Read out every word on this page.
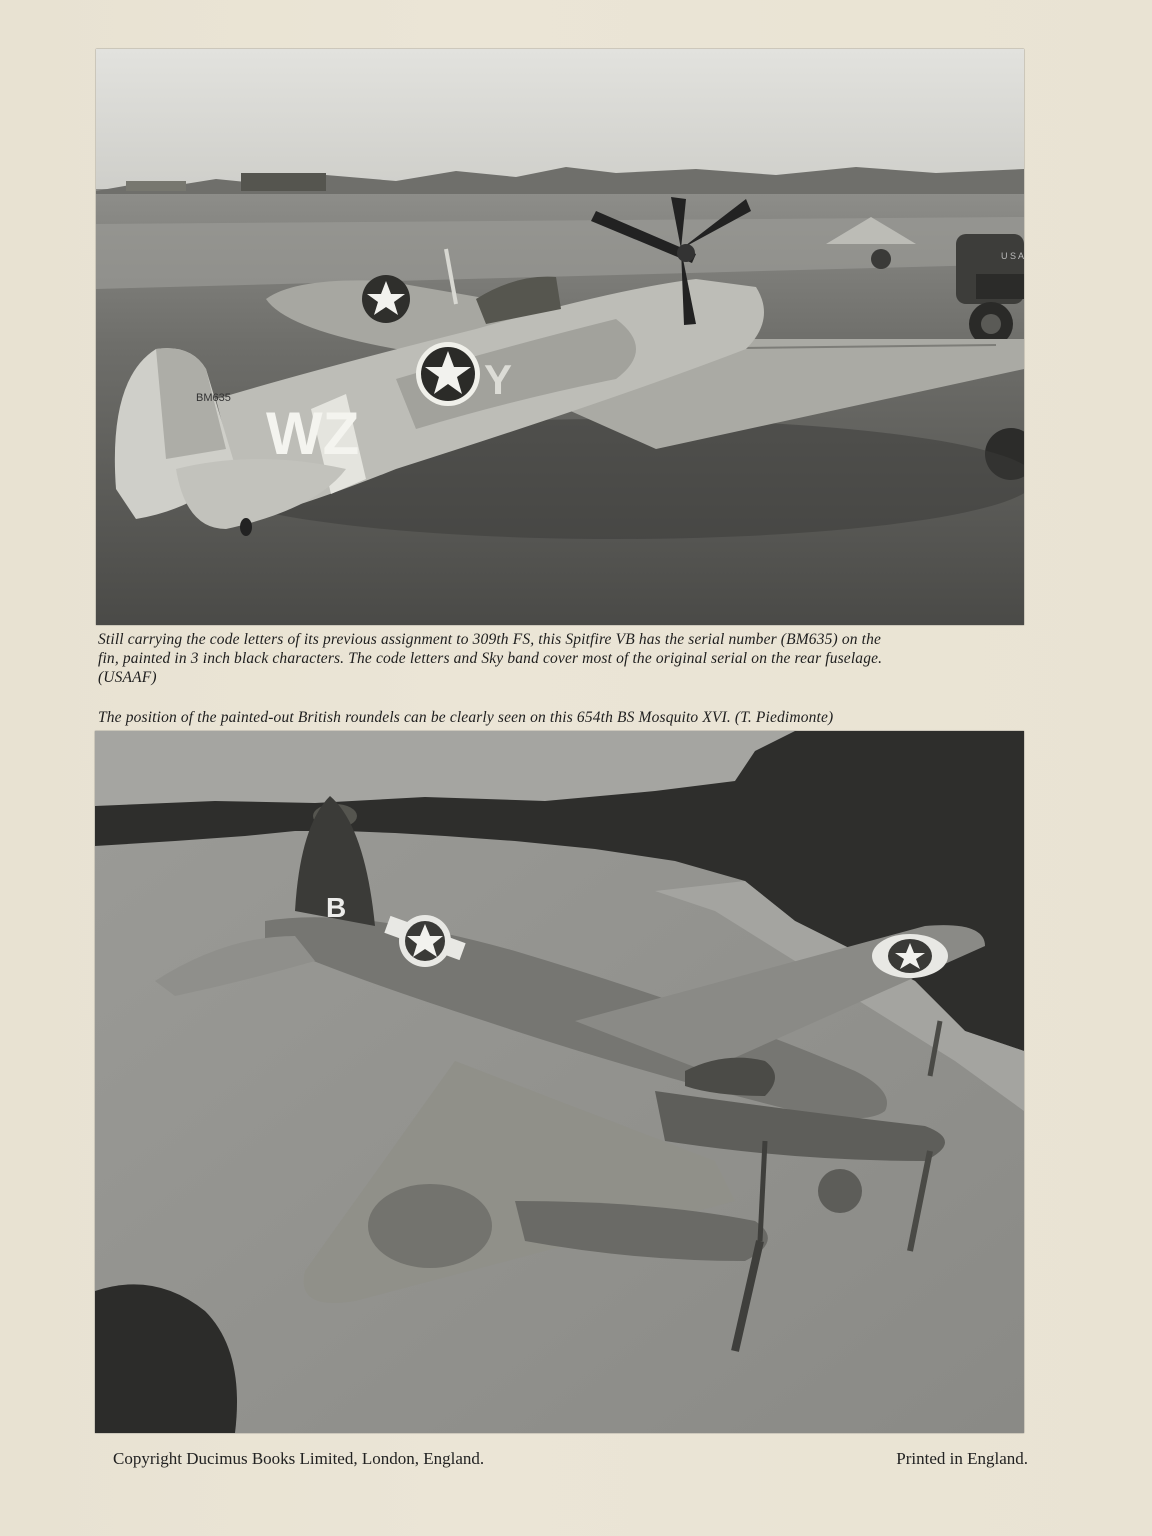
U S A
BM635
WZ
Y

Still carrying the code letters of its previous assignment to 309th FS, this Spitfire VB has the serial number (BM635) on the
fin, painted in 3 inch black characters. The code letters and Sky band cover most of the original serial on the rear fuselage.
(USAAF)

The position of the painted-out British roundels can be clearly seen on this 654th BS Mosquito XVI. (T. Piedimonte)

B

Copyright Ducimus Books Limited, London, England.	Printed in England.
